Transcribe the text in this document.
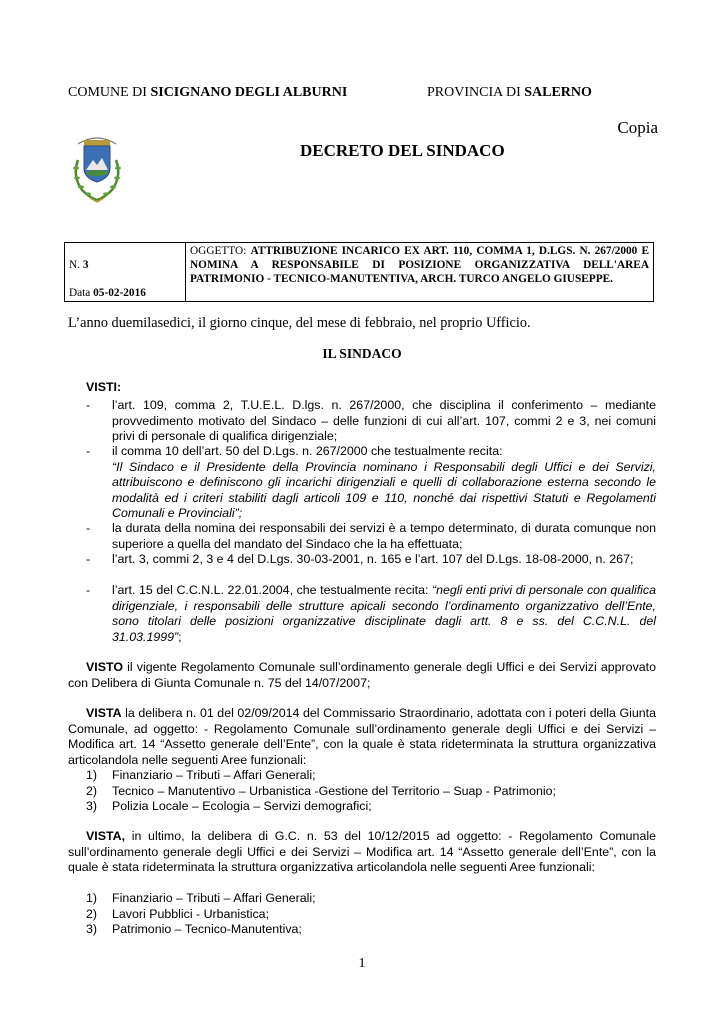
COMUNE DI SICIGNANO DEGLI ALBURNI	PROVINCIA DI SALERNO
Copia
DECRETO DEL SINDACO
N. 3
Data 05-02-2016
	OGGETTO: ATTRIBUZIONE INCARICO EX ART. 110, COMMA 1, D.LGS. N. 267/2000 E NOMINA A RESPONSABILE DI POSIZIONE ORGANIZZATIVA DELL'AREA PATRIMONIO - TECNICO-MANUTENTIVA, ARCH. TURCO ANGELO GIUSEPPE.
L’anno duemilasedici, il giorno cinque, del mese di febbraio, nel proprio Ufficio.
IL SINDACO
VISTI:
-	l’art. 109, comma 2, T.U.E.L. D.lgs. n. 267/2000, che disciplina il conferimento – mediante provvedimento motivato del Sindaco – delle funzioni di cui all’art. 107, commi 2 e 3, nei comuni privi di personale di qualifica dirigenziale;
-	il comma 10 dell’art. 50 del D.Lgs. n. 267/2000 che testualmente recita:
“Il Sindaco e il Presidente della Provincia nominano i Responsabili degli Uffici e dei Servizi, attribuiscono e definiscono gli incarichi dirigenziali e quelli di collaborazione esterna secondo le modalità ed i criteri stabiliti dagli articoli 109 e 110, nonché dai rispettivi Statuti e Regolamenti Comunali e Provinciali”;
-	la durata della nomina dei responsabili dei servizi è a tempo determinato, di durata comunque non superiore a quella del mandato del Sindaco che la ha effettuata;
-	l’art. 3, commi 2, 3 e 4 del D.Lgs. 30-03-2001, n. 165 e l’art. 107 del D.Lgs. 18-08-2000, n. 267;
-	l’art. 15 del C.C.N.L. 22.01.2004, che testualmente recita: “negli enti privi di personale con qualifica dirigenziale, i responsabili delle strutture apicali secondo l’ordinamento organizzativo dell’Ente, sono titolari delle posizioni organizzative disciplinate dagli artt. 8 e ss. del C.C.N.L. del 31.03.1999”;
VISTO il vigente Regolamento Comunale sull’ordinamento generale degli Uffici e dei Servizi approvato con Delibera di Giunta Comunale n. 75 del 14/07/2007;
VISTA la delibera n. 01 del 02/09/2014 del Commissario Straordinario, adottata con i poteri della Giunta Comunale, ad oggetto: - Regolamento Comunale sull’ordinamento generale degli Uffici e dei Servizi – Modifica art. 14 “Assetto generale dell’Ente”, con la quale è stata rideterminata la struttura organizzativa articolandola nelle seguenti Aree funzionali:
1)	Finanziario – Tributi – Affari Generali;
2)	Tecnico – Manutentivo – Urbanistica -Gestione del Territorio – Suap - Patrimonio;
3)	Polizia Locale – Ecologia – Servizi demografici;
VISTA, in ultimo, la delibera di G.C. n. 53 del 10/12/2015 ad oggetto: - Regolamento Comunale sull’ordinamento generale degli Uffici e dei Servizi – Modifica art. 14 “Assetto generale dell’Ente”, con la quale è stata rideterminata la struttura organizzativa articolandola nelle seguenti Aree funzionali:
1)	Finanziario – Tributi – Affari Generali;
2)	Lavori Pubblici - Urbanistica;
3)	Patrimonio – Tecnico-Manutentiva;
1
